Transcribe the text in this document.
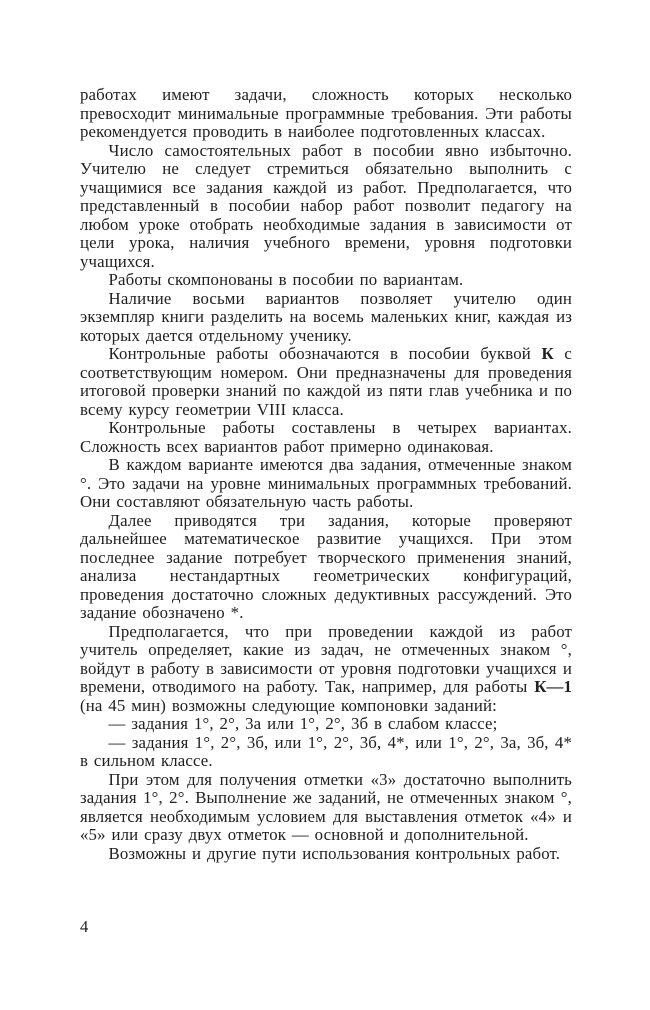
работах имеют задачи, сложность которых несколько превосходит минимальные программные требования. Эти работы рекомендуется проводить в наиболее подготовленных классах.

Число самостоятельных работ в пособии явно избыточно. Учителю не следует стремиться обязательно выполнить с учащимися все задания каждой из работ. Предполагается, что представленный в пособии набор работ позволит педагогу на любом уроке отобрать необходимые задания в зависимости от цели урока, наличия учебного времени, уровня подготовки учащихся.

Работы скомпонованы в пособии по вариантам.

Наличие восьми вариантов позволяет учителю один экземпляр книги разделить на восемь маленьких книг, каждая из которых дается отдельному ученику.

Контрольные работы обозначаются в пособии буквой К с соответствующим номером. Они предназначены для проведения итоговой проверки знаний по каждой из пяти глав учебника и по всему курсу геометрии VIII класса.

Контрольные работы составлены в четырех вариантах. Сложность всех вариантов работ примерно одинаковая.

В каждом варианте имеются два задания, отмеченные знаком °. Это задачи на уровне минимальных программных требований. Они составляют обязательную часть работы.

Далее приводятся три задания, которые проверяют дальнейшее математическое развитие учащихся. При этом последнее задание потребует творческого применения знаний, анализа нестандартных геометрических конфигураций, проведения достаточно сложных дедуктивных рассуждений. Это задание обозначено *.

Предполагается, что при проведении каждой из работ учитель определяет, какие из задач, не отмеченных знаком °, войдут в работу в зависимости от уровня подготовки учащихся и времени, отводимого на работу. Так, например, для работы К—1 (на 45 мин) возможны следующие компоновки заданий:

— задания 1°, 2°, 3а или 1°, 2°, 3б в слабом классе;

— задания 1°, 2°, 3б, или 1°, 2°, 3б, 4*, или 1°, 2°, 3а, 3б, 4* в сильном классе.

При этом для получения отметки «3» достаточно выполнить задания 1°, 2°. Выполнение же заданий, не отмеченных знаком °, является необходимым условием для выставления отметок «4» и «5» или сразу двух отметок — основной и дополнительной.

Возможны и другие пути использования контрольных работ.

4
